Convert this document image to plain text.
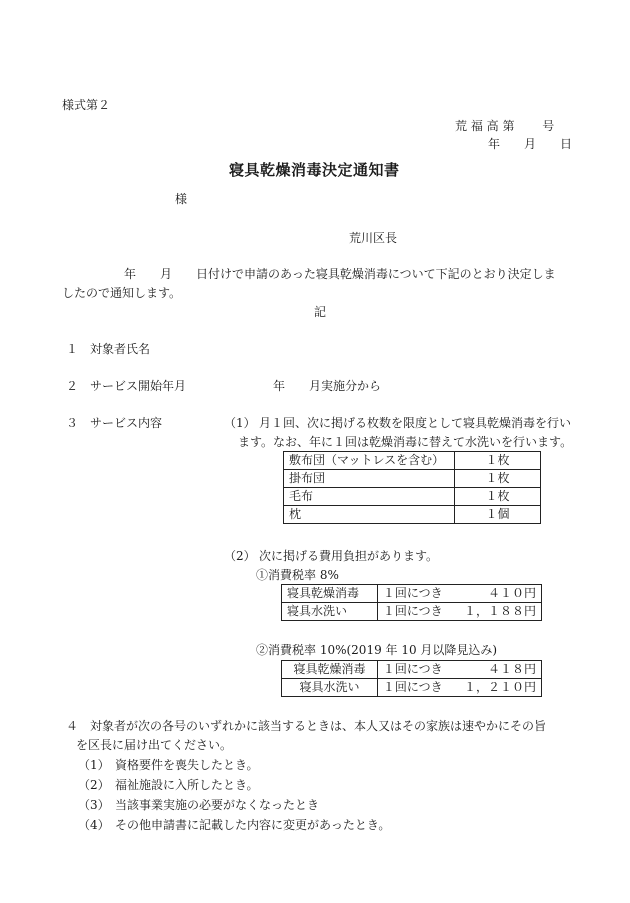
様式第２
荒 福 高 第　　 号
年　　月　　日
寝具乾燥消毒決定通知書
様
荒川区長
年　　月　　日付けで申請のあった寝具乾燥消毒について下記のとおり決定しま
したので通知します。
記
１ 対象者氏名
２ サービス開始年月	年　　月実施分から
３ サービス内容	（1） 月１回、次に掲げる枚数を限度として寝具乾燥消毒を行い
ます。なお、年に１回は乾燥消毒に替えて水洗いを行います。
敷布団（マットレスを含む）	１枚
掛布団	１枚
毛布	１枚
枕	１個
（2） 次に掲げる費用負担があります。
①消費税率 8%
寝具乾燥消毒	１回につき	４１０円
寝具水洗い	１回につき	１，１８８円
②消費税率 10%(2019 年 10 月以降見込み)
寝具乾燥消毒	１回につき	４１８円
寝具水洗い	１回につき	１，２１０円
４ 対象者が次の各号のいずれかに該当するときは、本人又はその家族は速やかにその旨
を区長に届け出てください。
（1） 資格要件を喪失したとき。
（2） 福祉施設に入所したとき。
（3） 当該事業実施の必要がなくなったとき
（4） その他申請書に記載した内容に変更があったとき。
